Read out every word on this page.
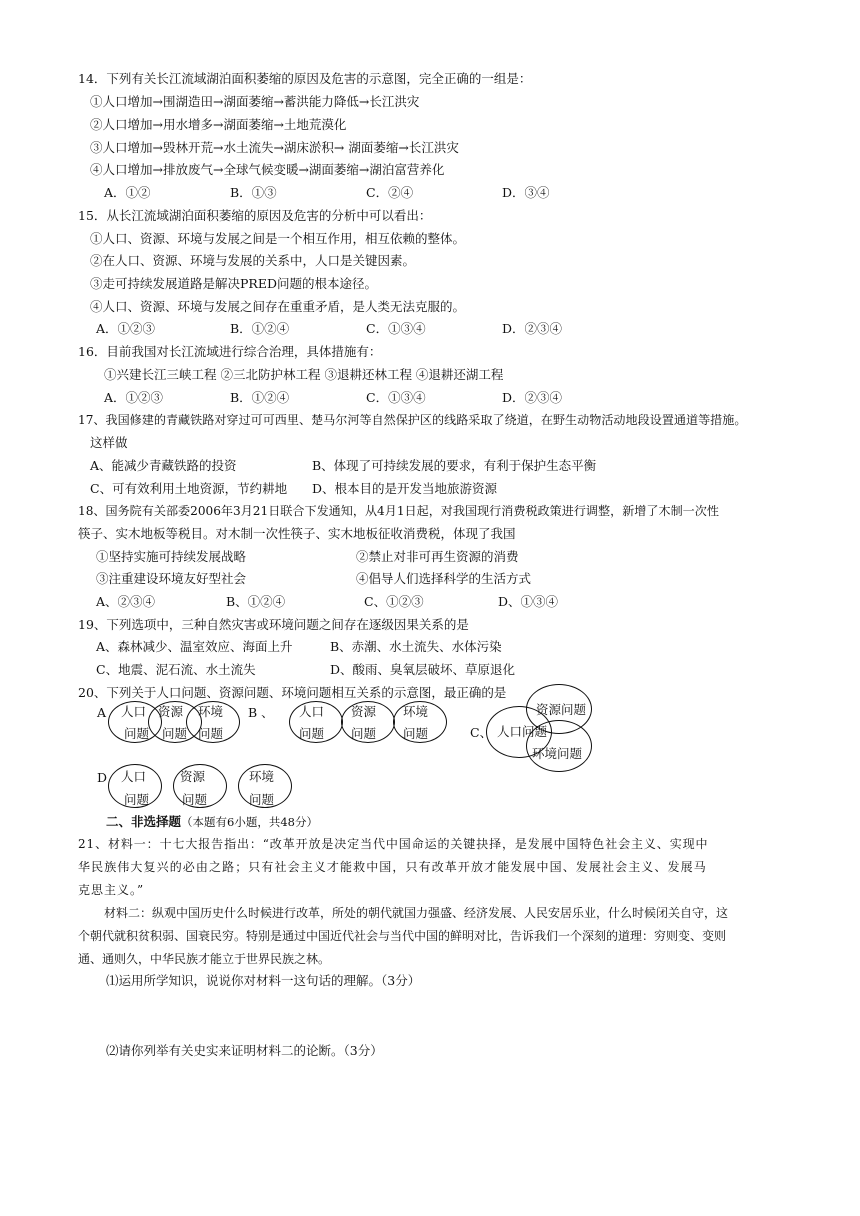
14．下列有关长江流域湖泊面积萎缩的原因及危害的示意图，完全正确的一组是：
①人口增加→围湖造田→湖面萎缩→蓄洪能力降低→长江洪灾
②人口增加→用水增多→湖面萎缩→土地荒漠化
③人口增加→毁林开荒→水土流失→湖床淤积→ 湖面萎缩→长江洪灾
④人口增加→排放废气→全球气候变暖→湖面萎缩→湖泊富营养化
A．①②	B．①③	C．②④	D．③④
15．从长江流域湖泊面积萎缩的原因及危害的分析中可以看出：
①人口、资源、环境与发展之间是一个相互作用，相互依赖的整体。
②在人口、资源、环境与发展的关系中，人口是关键因素。
③走可持续发展道路是解决PRED问题的根本途径。
④人口、资源、环境与发展之间存在重重矛盾，是人类无法克服的。
A．①②③	B．①②④	C．①③④	D．②③④
16．目前我国对长江流域进行综合治理，具体措施有：
①兴建长江三峡工程 ②三北防护林工程 ③退耕还林工程 ④退耕还湖工程
A．①②③	B．①②④	C．①③④	D．②③④
17、我国修建的青藏铁路对穿过可可西里、楚马尔河等自然保护区的线路采取了绕道，在野生动物活动地段设置通道等措施。
这样做
A、能减少青藏铁路的投资	B、体现了可持续发展的要求，有利于保护生态平衡
C、可有效利用土地资源，节约耕地 D、根本目的是开发当地旅游资源
18、国务院有关部委2006年3月21日联合下发通知，从4月1日起，对我国现行消费税政策进行调整，新增了木制一次性
筷子、实木地板等税目。对木制一次性筷子、实木地板征收消费税，体现了我国
①坚持实施可持续发展战略	②禁止对非可再生资源的消费
③注重建设环境友好型社会	④倡导人们选择科学的生活方式
A、②③④	B、①②④	C、①②③	D、①③④
19、下列选项中，三种自然灾害或环境问题之间存在逐级因果关系的是
A、森林减少、温室效应、海面上升	B、赤潮、水土流失、水体污染
C、地震、泥石流、水土流失	D、酸雨、臭氧层破坏、草原退化
20、下列关于人口问题、资源问题、环境问题相互关系的示意图，最正确的是
A 人口
问题
资源
问题
环境
问题
B 、 人口
问题
资源
问题
环境
问题	C、
资源问题
人口问题
环境问题
D 人口
问题
资源
问题
环境
问题
二、非选择题（本题有6小题，共48分）
21、材料一：十七大报告指出：“改革开放是决定当代中国命运的关键抉择，是发展中国特色社会主义、实现中
华民族伟大复兴的必由之路；只有社会主义才能救中国，只有改革开放才能发展中国、发展社会主义、发展马
克思主义。”
材料二：纵观中国历史什么时候进行改革，所处的朝代就国力强盛、经济发展、人民安居乐业，什么时候闭关自守，这
个朝代就积贫积弱、国衰民穷。特别是通过中国近代社会与当代中国的鲜明对比，告诉我们一个深刻的道理：穷则变、变则
通、通则久，中华民族才能立于世界民族之林。
⑴运用所学知识，说说你对材料一这句话的理解。（3分）
⑵请你列举有关史实来证明材料二的论断。（3分）
